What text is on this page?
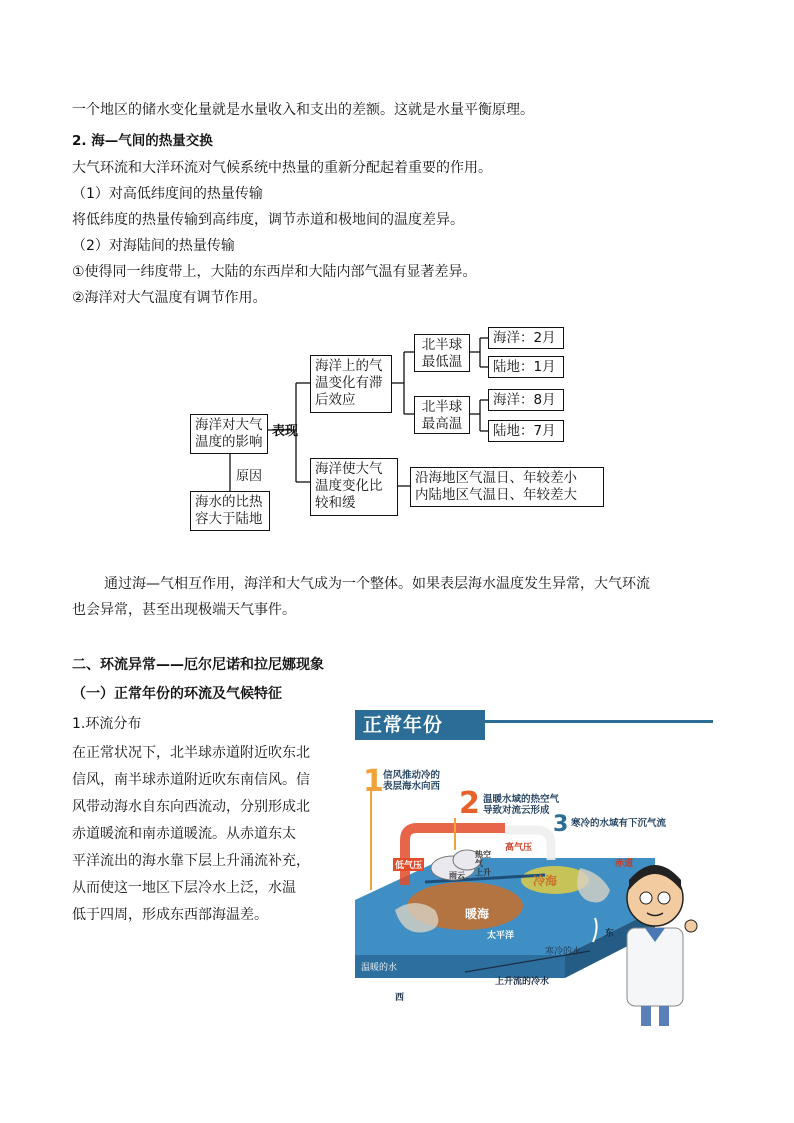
一个地区的储水变化量就是水量收入和支出的差额。这就是水量平衡原理。
2. 海—气间的热量交换
大气环流和大洋环流对气候系统中热量的重新分配起着重要的作用。
（1）对高低纬度间的热量传输
将低纬度的热量传输到高纬度，调节赤道和极地间的温度差异。
（2）对海陆间的热量传输
①使得同一纬度带上，大陆的东西岸和大陆内部气温有显著差异。
②海洋对大气温度有调节作用。
海洋对大气
温度的影响
表现
原因
海水的比热
容大于陆地
海洋上的气
温变化有滞
后效应
海洋使大气
温度变化比
较和缓
北半球
最低温
北半球
最高温
海洋：2月
陆地：1月
海洋：8月
陆地：7月
沿海地区气温日、年较差小
内陆地区气温日、年较差大
通过海—气相互作用，海洋和大气成为一个整体。如果表层海水温度发生异常，大气环流
也会异常，甚至出现极端天气事件。
二、环流异常——厄尔尼诺和拉尼娜现象
（一）正常年份的环流及气候特征
1.环流分布
在正常状况下，北半球赤道附近吹东北
信风，南半球赤道附近吹东南信风。信
风带动海水自东向西流动，分别形成北
赤道暖流和南赤道暖流。从赤道东太
平洋流出的海水靠下层上升涌流补充，
从而使这一地区下层冷水上泛，水温
低于四周，形成东西部海温差。
正常年份
1 信风推动冷的
表层海水向西 2 温暖水域的热空气
导致对流云形成
3 寒冷的水域有下沉气流
低气压
高气压
热空
气
上升
雨云
暖海
冷海
太平洋
赤道
东
西
温暖的水
寒冷的水
上升流的冷水
